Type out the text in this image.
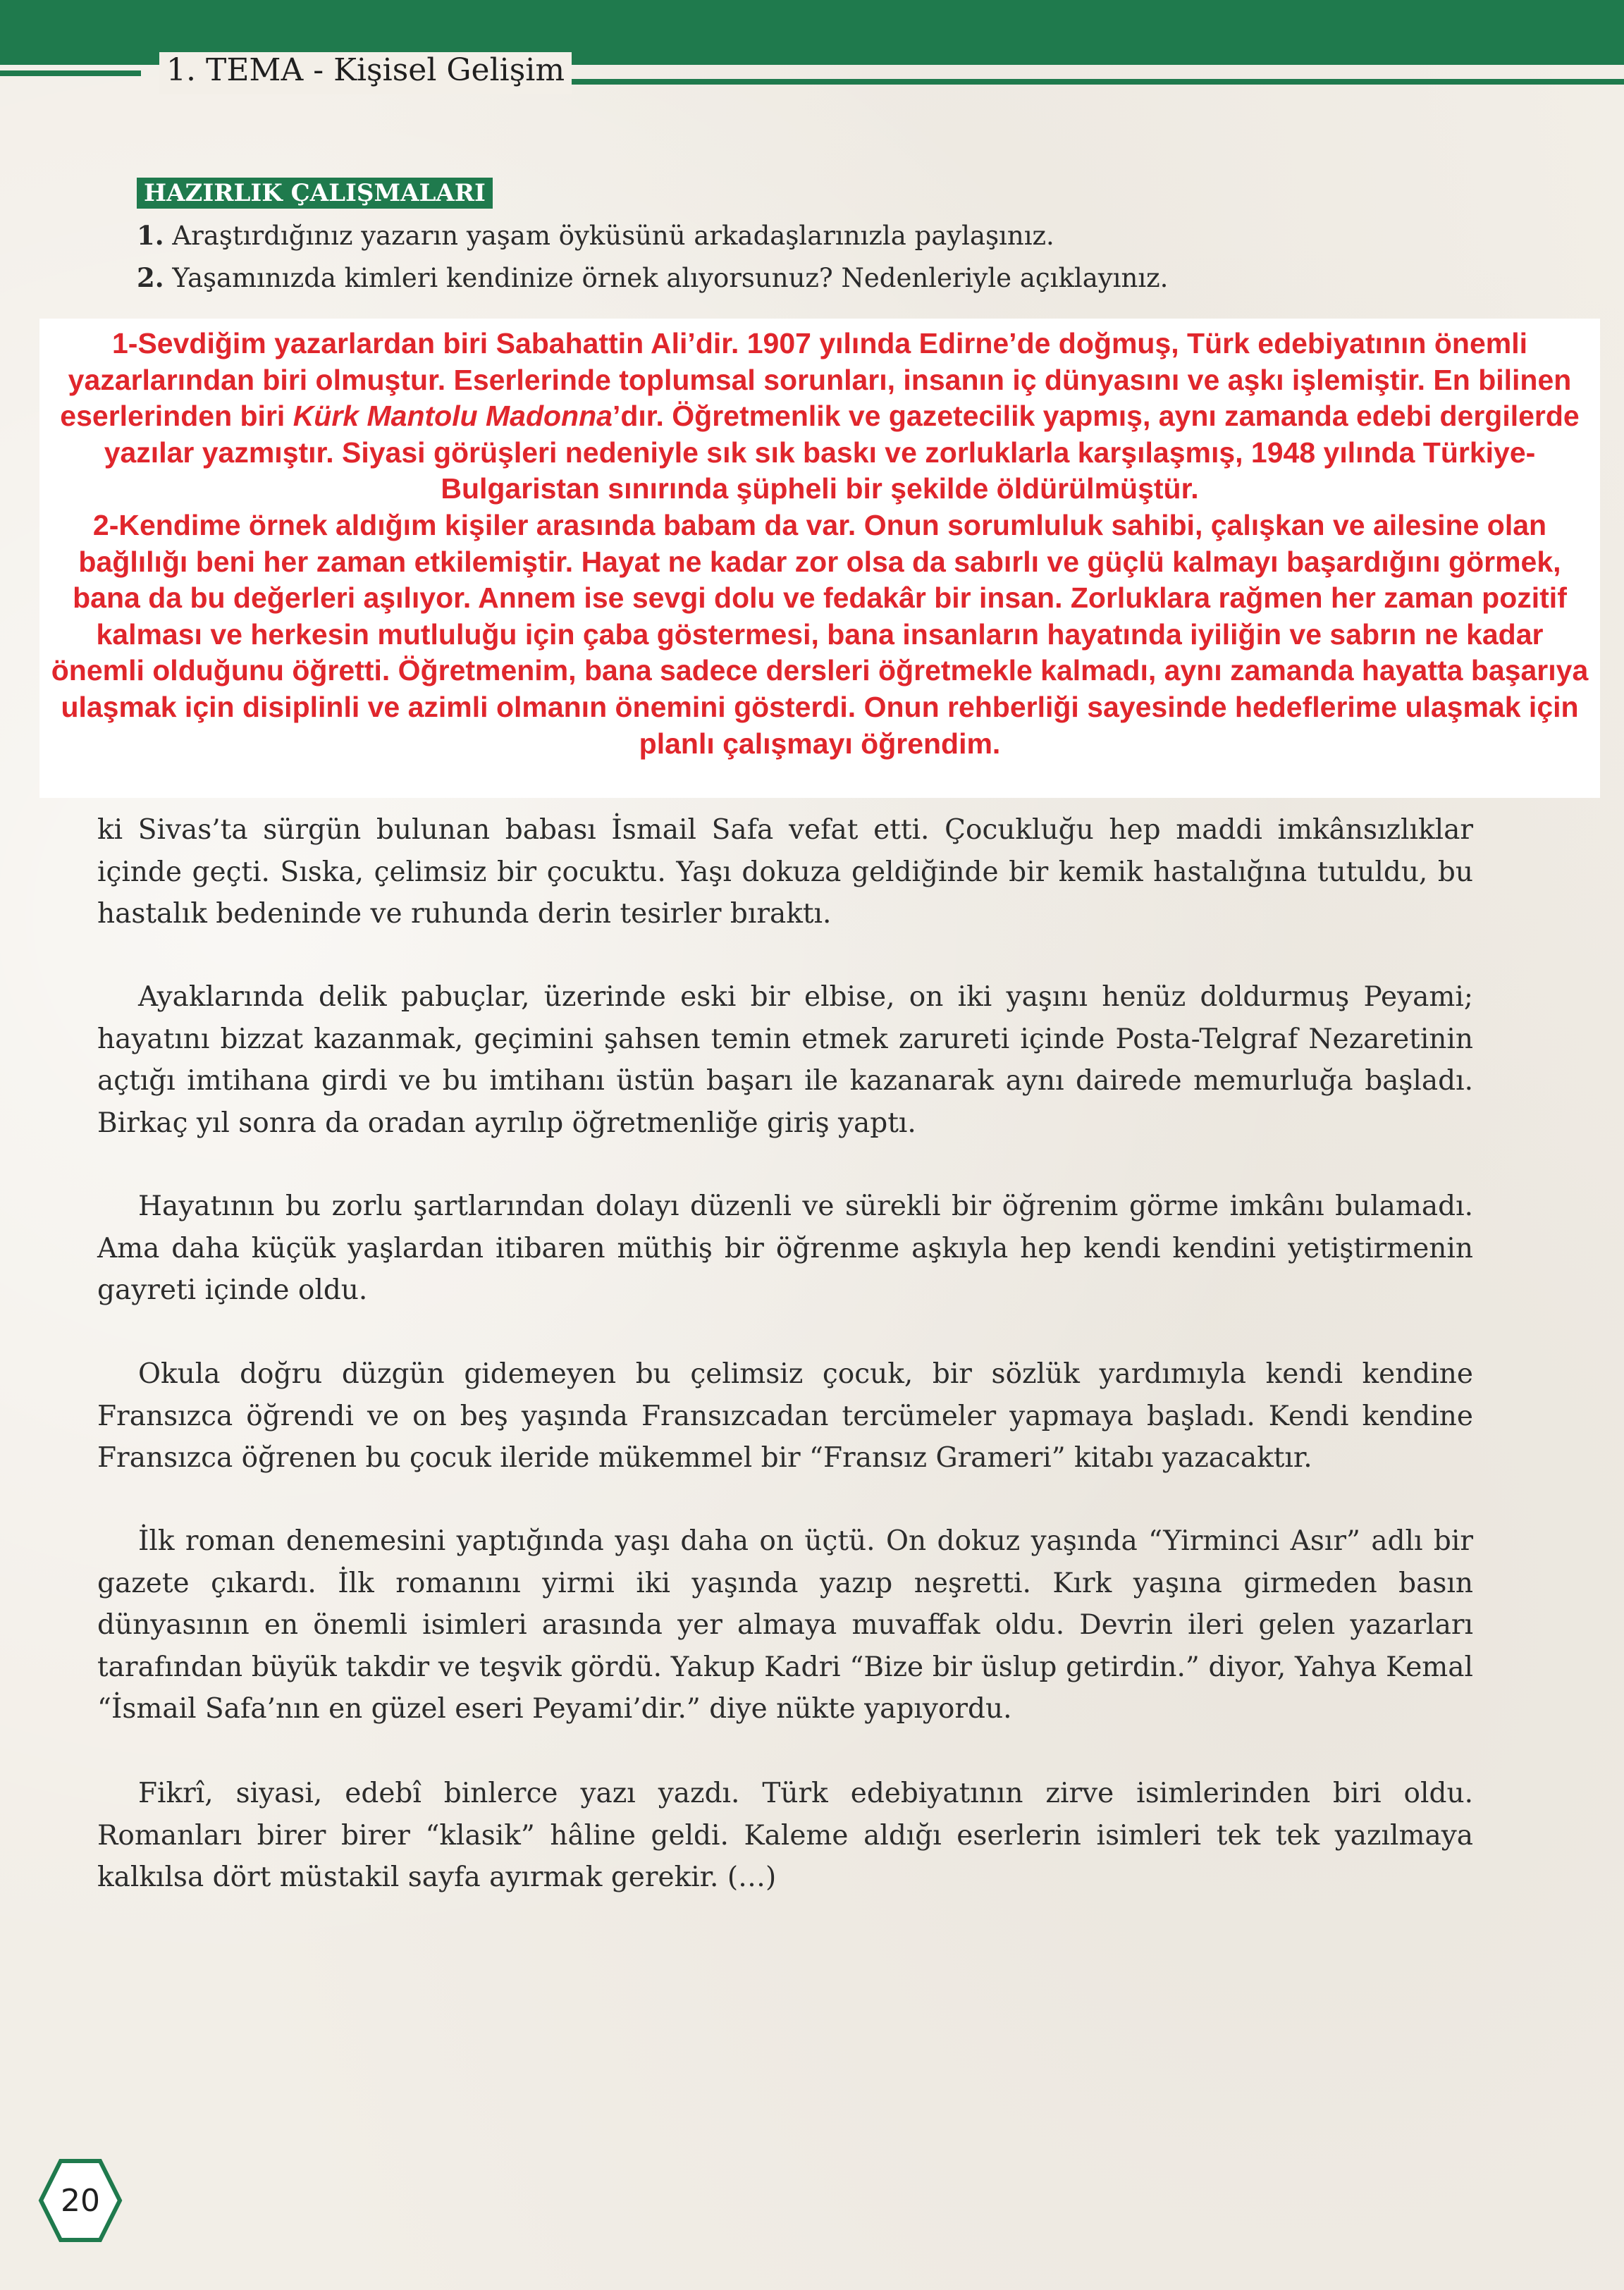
1. TEMA - Kişisel Gelişim
HAZIRLIK ÇALIŞMALARI
1. Araştırdığınız yazarın yaşam öyküsünü arkadaşlarınızla paylaşınız.
2. Yaşamınızda kimleri kendinize örnek alıyorsunuz? Nedenleriyle açıklayınız.

1-Sevdiğim yazarlardan biri Sabahattin Ali’dir. 1907 yılında Edirne’de doğmuş, Türk edebiyatının önemli yazarlarından biri olmuştur. Eserlerinde toplumsal sorunları, insanın iç dünyasını ve aşkı işlemiştir. En bilinen eserlerinden biri Kürk Mantolu Madonna’dır. Öğretmenlik ve gazetecilik yapmış, aynı zamanda edebi dergilerde yazılar yazmıştır. Siyasi görüşleri nedeniyle sık sık baskı ve zorluklarla karşılaşmış, 1948 yılında Türkiye-Bulgaristan sınırında şüpheli bir şekilde öldürülmüştür.

2-Kendime örnek aldığım kişiler arasında babam da var. Onun sorumluluk sahibi, çalışkan ve ailesine olan bağlılığı beni her zaman etkilemiştir. Hayat ne kadar zor olsa da sabırlı ve güçlü kalmayı başardığını görmek, bana da bu değerleri aşılıyor. Annem ise sevgi dolu ve fedakâr bir insan. Zorluklara rağmen her zaman pozitif kalması ve herkesin mutluluğu için çaba göstermesi, bana insanların hayatında iyiliğin ve sabrın ne kadar önemli olduğunu öğretti. Öğretmenim, bana sadece dersleri öğretmekle kalmadı, aynı zamanda hayatta başarıya ulaşmak için disiplinli ve azimli olmanın önemini gösterdi. Onun rehberliği sayesinde hedeflerime ulaşmak için planlı çalışmayı öğrendim.

ki Sivas’ta sürgün bulunan babası İsmail Safa vefat etti. Çocukluğu hep maddi imkânsızlıklar içinde geçti. Sıska, çelimsiz bir çocuktu. Yaşı dokuza geldiğinde bir kemik hastalığına tutuldu, bu hastalık bedeninde ve ruhunda derin tesirler bıraktı.

Ayaklarında delik pabuçlar, üzerinde eski bir elbise, on iki yaşını henüz doldurmuş Peyami; hayatını bizzat kazanmak, geçimini şahsen temin etmek zarureti içinde Posta-Telgraf Nezaretinin açtığı imtihana girdi ve bu imtihanı üstün başarı ile kazanarak aynı dairede memurluğa başladı. Birkaç yıl sonra da oradan ayrılıp öğretmenliğe giriş yaptı.

Hayatının bu zorlu şartlarından dolayı düzenli ve sürekli bir öğrenim görme imkânı bulamadı. Ama daha küçük yaşlardan itibaren müthiş bir öğrenme aşkıyla hep kendi kendini yetiştirmenin gayreti içinde oldu.

Okula doğru düzgün gidemeyen bu çelimsiz çocuk, bir sözlük yardımıyla kendi kendine Fransızca öğrendi ve on beş yaşında Fransızcadan tercümeler yapmaya başladı. Kendi kendine Fransızca öğrenen bu çocuk ileride mükemmel bir “Fransız Grameri” kitabı yazacaktır.

İlk roman denemesini yaptığında yaşı daha on üçtü. On dokuz yaşında “Yirminci Asır” adlı bir gazete çıkardı. İlk romanını yirmi iki yaşında yazıp neşretti. Kırk yaşına girmeden basın dünyasının en önemli isimleri arasında yer almaya muvaffak oldu. Devrin ileri gelen yazarları tarafından büyük takdir ve teşvik gördü. Yakup Kadri “Bize bir üslup getirdin.” diyor, Yahya Kemal “İsmail Safa’nın en güzel eseri Peyami’dir.” diye nükte yapıyordu.

Fikrî, siyasi, edebî binlerce yazı yazdı. Türk edebiyatının zirve isimlerinden biri oldu. Romanları birer birer “klasik” hâline geldi. Kaleme aldığı eserlerin isimleri tek tek yazılmaya kalkılsa dört müstakil sayfa ayırmak gerekir. (…)

20
